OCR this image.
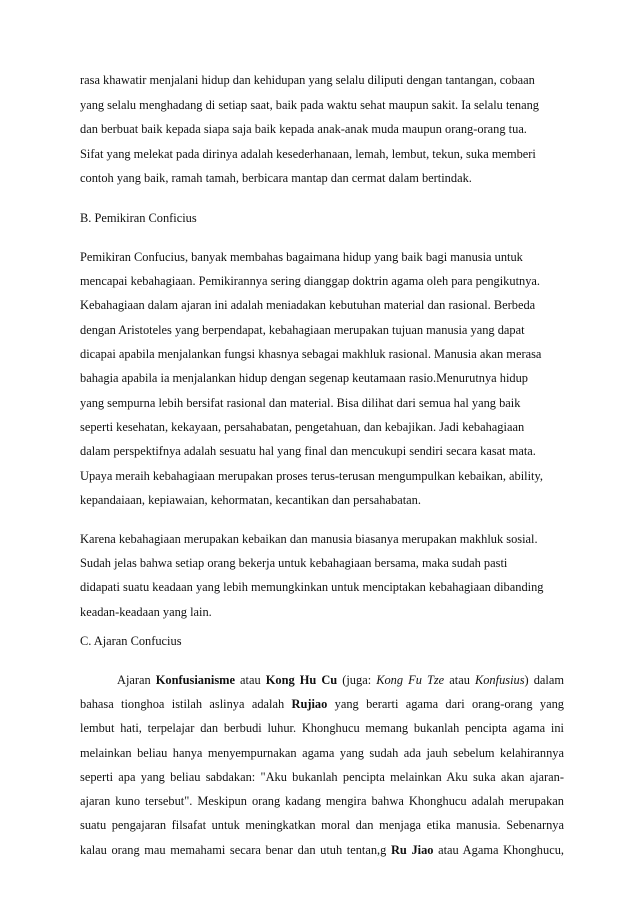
rasa khawatir menjalani hidup dan kehidupan yang selalu diliputi dengan tantangan, cobaan
yang selalu menghadang di setiap saat, baik pada waktu sehat maupun sakit. Ia selalu tenang
dan berbuat baik kepada siapa saja baik kepada anak-anak muda maupun orang-orang tua.
Sifat yang melekat pada dirinya adalah kesederhanaan, lemah, lembut, tekun, suka memberi
contoh yang baik, ramah tamah, berbicara mantap dan cermat dalam bertindak.
B. Pemikiran Conficius
Pemikiran Confucius, banyak membahas bagaimana hidup yang baik bagi manusia untuk
mencapai kebahagiaan. Pemikirannya sering dianggap doktrin agama oleh para pengikutnya.
Kebahagiaan dalam ajaran ini adalah meniadakan kebutuhan material dan rasional. Berbeda
dengan Aristoteles yang berpendapat, kebahagiaan merupakan tujuan manusia yang dapat
dicapai apabila menjalankan fungsi khasnya sebagai makhluk rasional. Manusia akan merasa
bahagia apabila ia menjalankan hidup dengan segenap keutamaan rasio.Menurutnya hidup
yang sempurna lebih bersifat rasional dan material. Bisa dilihat dari semua hal yang baik
seperti kesehatan, kekayaan, persahabatan, pengetahuan, dan kebajikan. Jadi kebahagiaan
dalam perspektifnya adalah sesuatu hal yang final dan mencukupi sendiri secara kasat mata.
Upaya meraih kebahagiaan merupakan proses terus-terusan mengumpulkan kebaikan, ability,
kepandaiaan, kepiawaian, kehormatan, kecantikan dan persahabatan.
Karena kebahagiaan merupakan kebaikan dan manusia biasanya merupakan makhluk sosial.
Sudah jelas bahwa setiap orang bekerja untuk kebahagiaan bersama, maka sudah pasti
didapati suatu keadaan yang lebih memungkinkan untuk menciptakan kebahagiaan dibanding
keadan-keadaan yang lain.
C. Ajaran Confucius
Ajaran Konfusianisme atau Kong Hu Cu (juga: Kong Fu Tze atau Konfusius) dalam
bahasa tionghoa istilah aslinya adalah Rujiao yang berarti agama dari orang-orang yang
lembut hati, terpelajar dan berbudi luhur. Khonghucu memang bukanlah pencipta agama ini
melainkan beliau hanya menyempurnakan agama yang sudah ada jauh sebelum kelahirannya
seperti apa yang beliau sabdakan: "Aku bukanlah pencipta melainkan Aku suka akan ajaran-
ajaran kuno tersebut". Meskipun orang kadang mengira bahwa Khonghucu adalah merupakan
suatu pengajaran filsafat untuk meningkatkan moral dan menjaga etika manusia. Sebenarnya
kalau orang mau memahami secara benar dan utuh tentan,g Ru Jiao atau Agama Khonghucu,
